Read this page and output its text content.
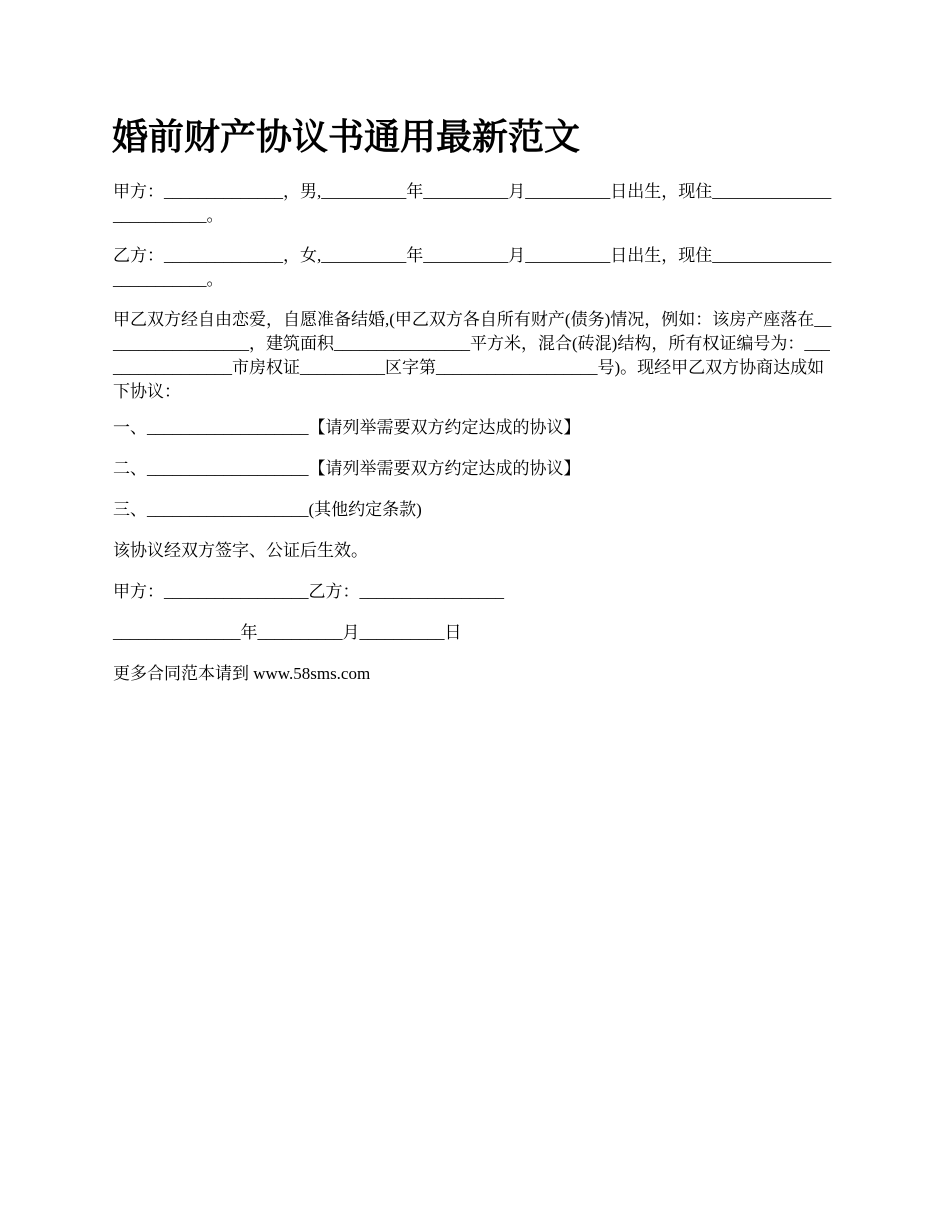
婚前财产协议书通用最新范文
甲方：______________，男,__________年__________月__________日出生，现住_________________________。
乙方：______________，女,__________年__________月__________日出生，现住_________________________。
甲乙双方经自由恋爱，自愿准备结婚,(甲乙双方各自所有财产(债务)情况，例如：该房产座落在__________________，建筑面积________________平方米，混合(砖混)结构，所有权证编号为：_________________市房权证__________区字第___________________号)。现经甲乙双方协商达成如下协议：
一、___________________【请列举需要双方约定达成的协议】
二、___________________【请列举需要双方约定达成的协议】
三、___________________(其他约定条款)
该协议经双方签字、公证后生效。
甲方：_________________乙方：_________________
_______________年__________月__________日
更多合同范本请到 www.58sms.com
